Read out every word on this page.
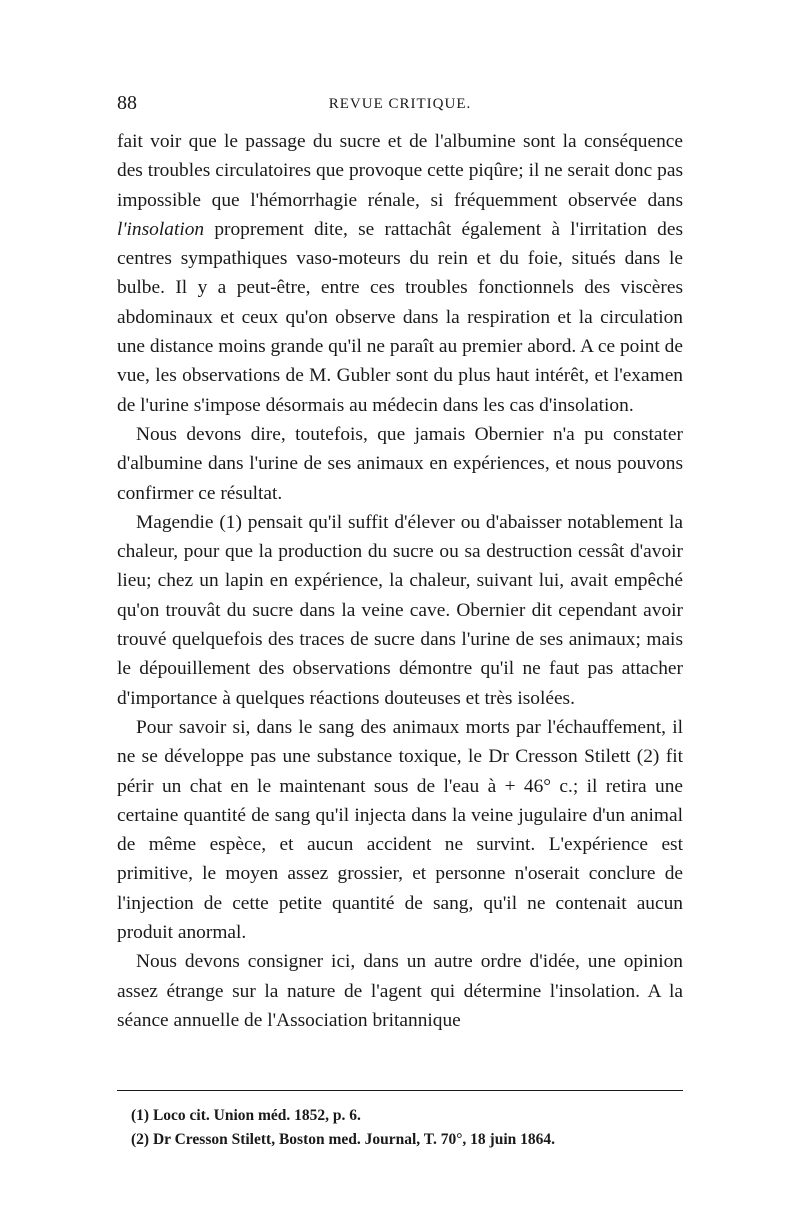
88	REVUE CRITIQUE.

fait voir que le passage du sucre et de l'albumine sont la conséquence des troubles circulatoires que provoque cette piqûre; il ne serait donc pas impossible que l'hémorrhagie rénale, si fréquemment observée dans l'insolation proprement dite, se rattachât également à l'irritation des centres sympathiques vaso-moteurs du rein et du foie, situés dans le bulbe. Il y a peut-être, entre ces troubles fonctionnels des viscères abdominaux et ceux qu'on observe dans la respiration et la circulation une distance moins grande qu'il ne paraît au premier abord. A ce point de vue, les observations de M. Gubler sont du plus haut intérêt, et l'examen de l'urine s'impose désormais au médecin dans les cas d'insolation.

Nous devons dire, toutefois, que jamais Obernier n'a pu constater d'albumine dans l'urine de ses animaux en expériences, et nous pouvons confirmer ce résultat.

Magendie (1) pensait qu'il suffit d'élever ou d'abaisser notablement la chaleur, pour que la production du sucre ou sa destruction cessât d'avoir lieu; chez un lapin en expérience, la chaleur, suivant lui, avait empêché qu'on trouvât du sucre dans la veine cave. Obernier dit cependant avoir trouvé quelquefois des traces de sucre dans l'urine de ses animaux; mais le dépouillement des observations démontre qu'il ne faut pas attacher d'importance à quelques réactions douteuses et très isolées.

Pour savoir si, dans le sang des animaux morts par l'échauffement, il ne se développe pas une substance toxique, le Dr Cresson Stilett (2) fit périr un chat en le maintenant sous de l'eau à + 46° c.; il retira une certaine quantité de sang qu'il injecta dans la veine jugulaire d'un animal de même espèce, et aucun accident ne survint. L'expérience est primitive, le moyen assez grossier, et personne n'oserait conclure de l'injection de cette petite quantité de sang, qu'il ne contenait aucun produit anormal.

Nous devons consigner ici, dans un autre ordre d'idée, une opinion assez étrange sur la nature de l'agent qui détermine l'insolation. A la séance annuelle de l'Association britannique

(1) Loco cit. Union méd. 1852, p. 6.
(2) Dr Cresson Stilett, Boston med. Journal, T. 70°, 18 juin 1864.
